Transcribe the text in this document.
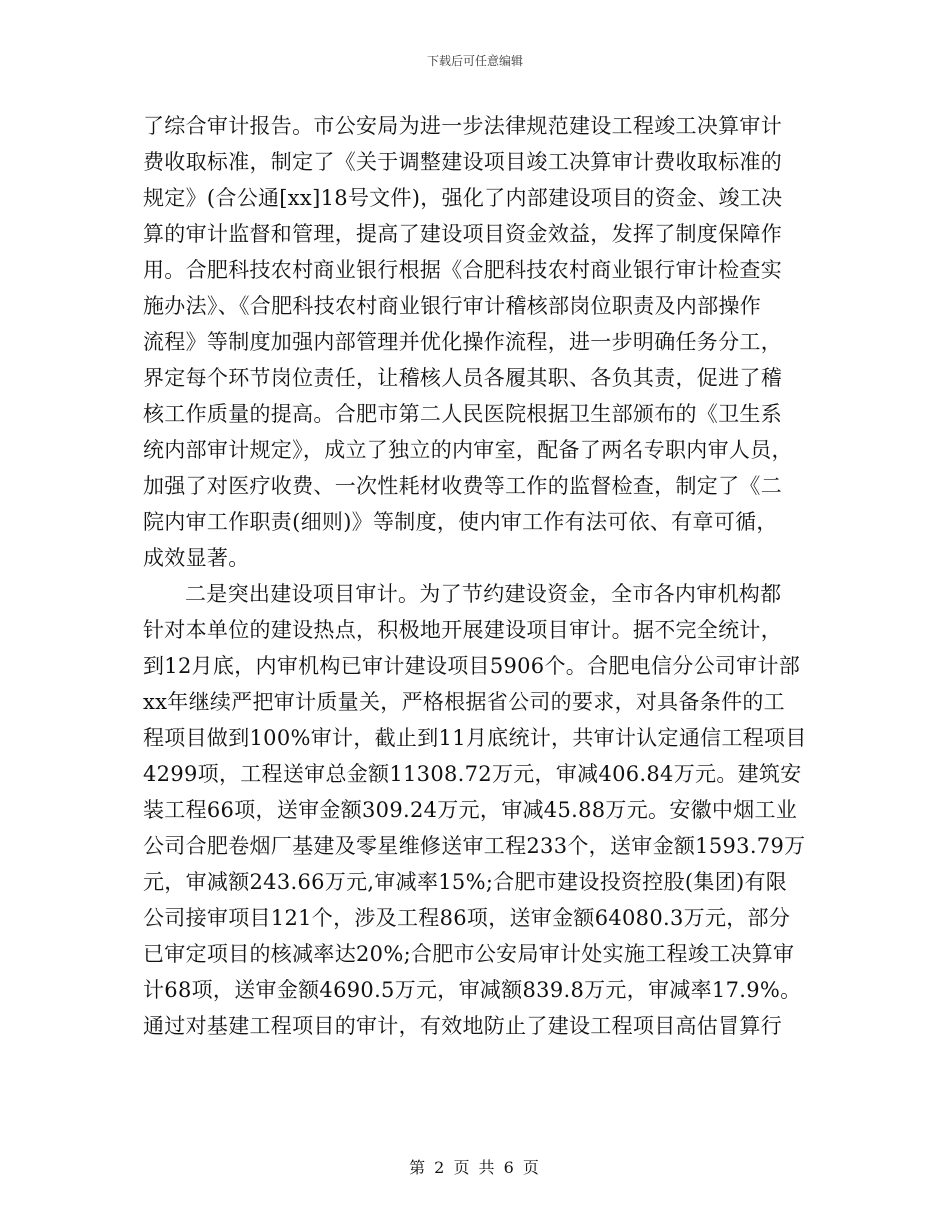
下载后可任意编辑
了综合审计报告。市公安局为进一步法律规范建设工程竣工决算审计
费收取标准，制定了《关于调整建设项目竣工决算审计费收取标准的
规定》(合公通[xx]18号文件)，强化了内部建设项目的资金、竣工决
算的审计监督和管理，提高了建设项目资金效益，发挥了制度保障作
用。合肥科技农村商业银行根据《合肥科技农村商业银行审计检查实
施办法》、《合肥科技农村商业银行审计稽核部岗位职责及内部操作
流程》等制度加强内部管理并优化操作流程，进一步明确任务分工，
界定每个环节岗位责任，让稽核人员各履其职、各负其责，促进了稽
核工作质量的提高。合肥市第二人民医院根据卫生部颁布的《卫生系
统内部审计规定》，成立了独立的内审室，配备了两名专职内审人员，
加强了对医疗收费、一次性耗材收费等工作的监督检查，制定了《二
院内审工作职责(细则)》等制度，使内审工作有法可依、有章可循，
成效显著。
二是突出建设项目审计。为了节约建设资金，全市各内审机构都
针对本单位的建设热点，积极地开展建设项目审计。据不完全统计，
到12月底，内审机构已审计建设项目5906个。合肥电信分公司审计部
xx年继续严把审计质量关，严格根据省公司的要求，对具备条件的工
程项目做到100%审计，截止到11月底统计，共审计认定通信工程项目
4299项，工程送审总金额11308.72万元，审减406.84万元。建筑安
装工程66项，送审金额309.24万元，审减45.88万元。安徽中烟工业
公司合肥卷烟厂基建及零星维修送审工程233个，送审金额1593.79万
元，审减额243.66万元,审减率15%;合肥市建设投资控股(集团)有限
公司接审项目121个，涉及工程86项，送审金额64080.3万元，部分
已审定项目的核减率达20%;合肥市公安局审计处实施工程竣工决算审
计68项，送审金额4690.5万元，审减额839.8万元，审减率17.9%。
通过对基建工程项目的审计，有效地防止了建设工程项目高估冒算行
第 2 页 共 6 页
